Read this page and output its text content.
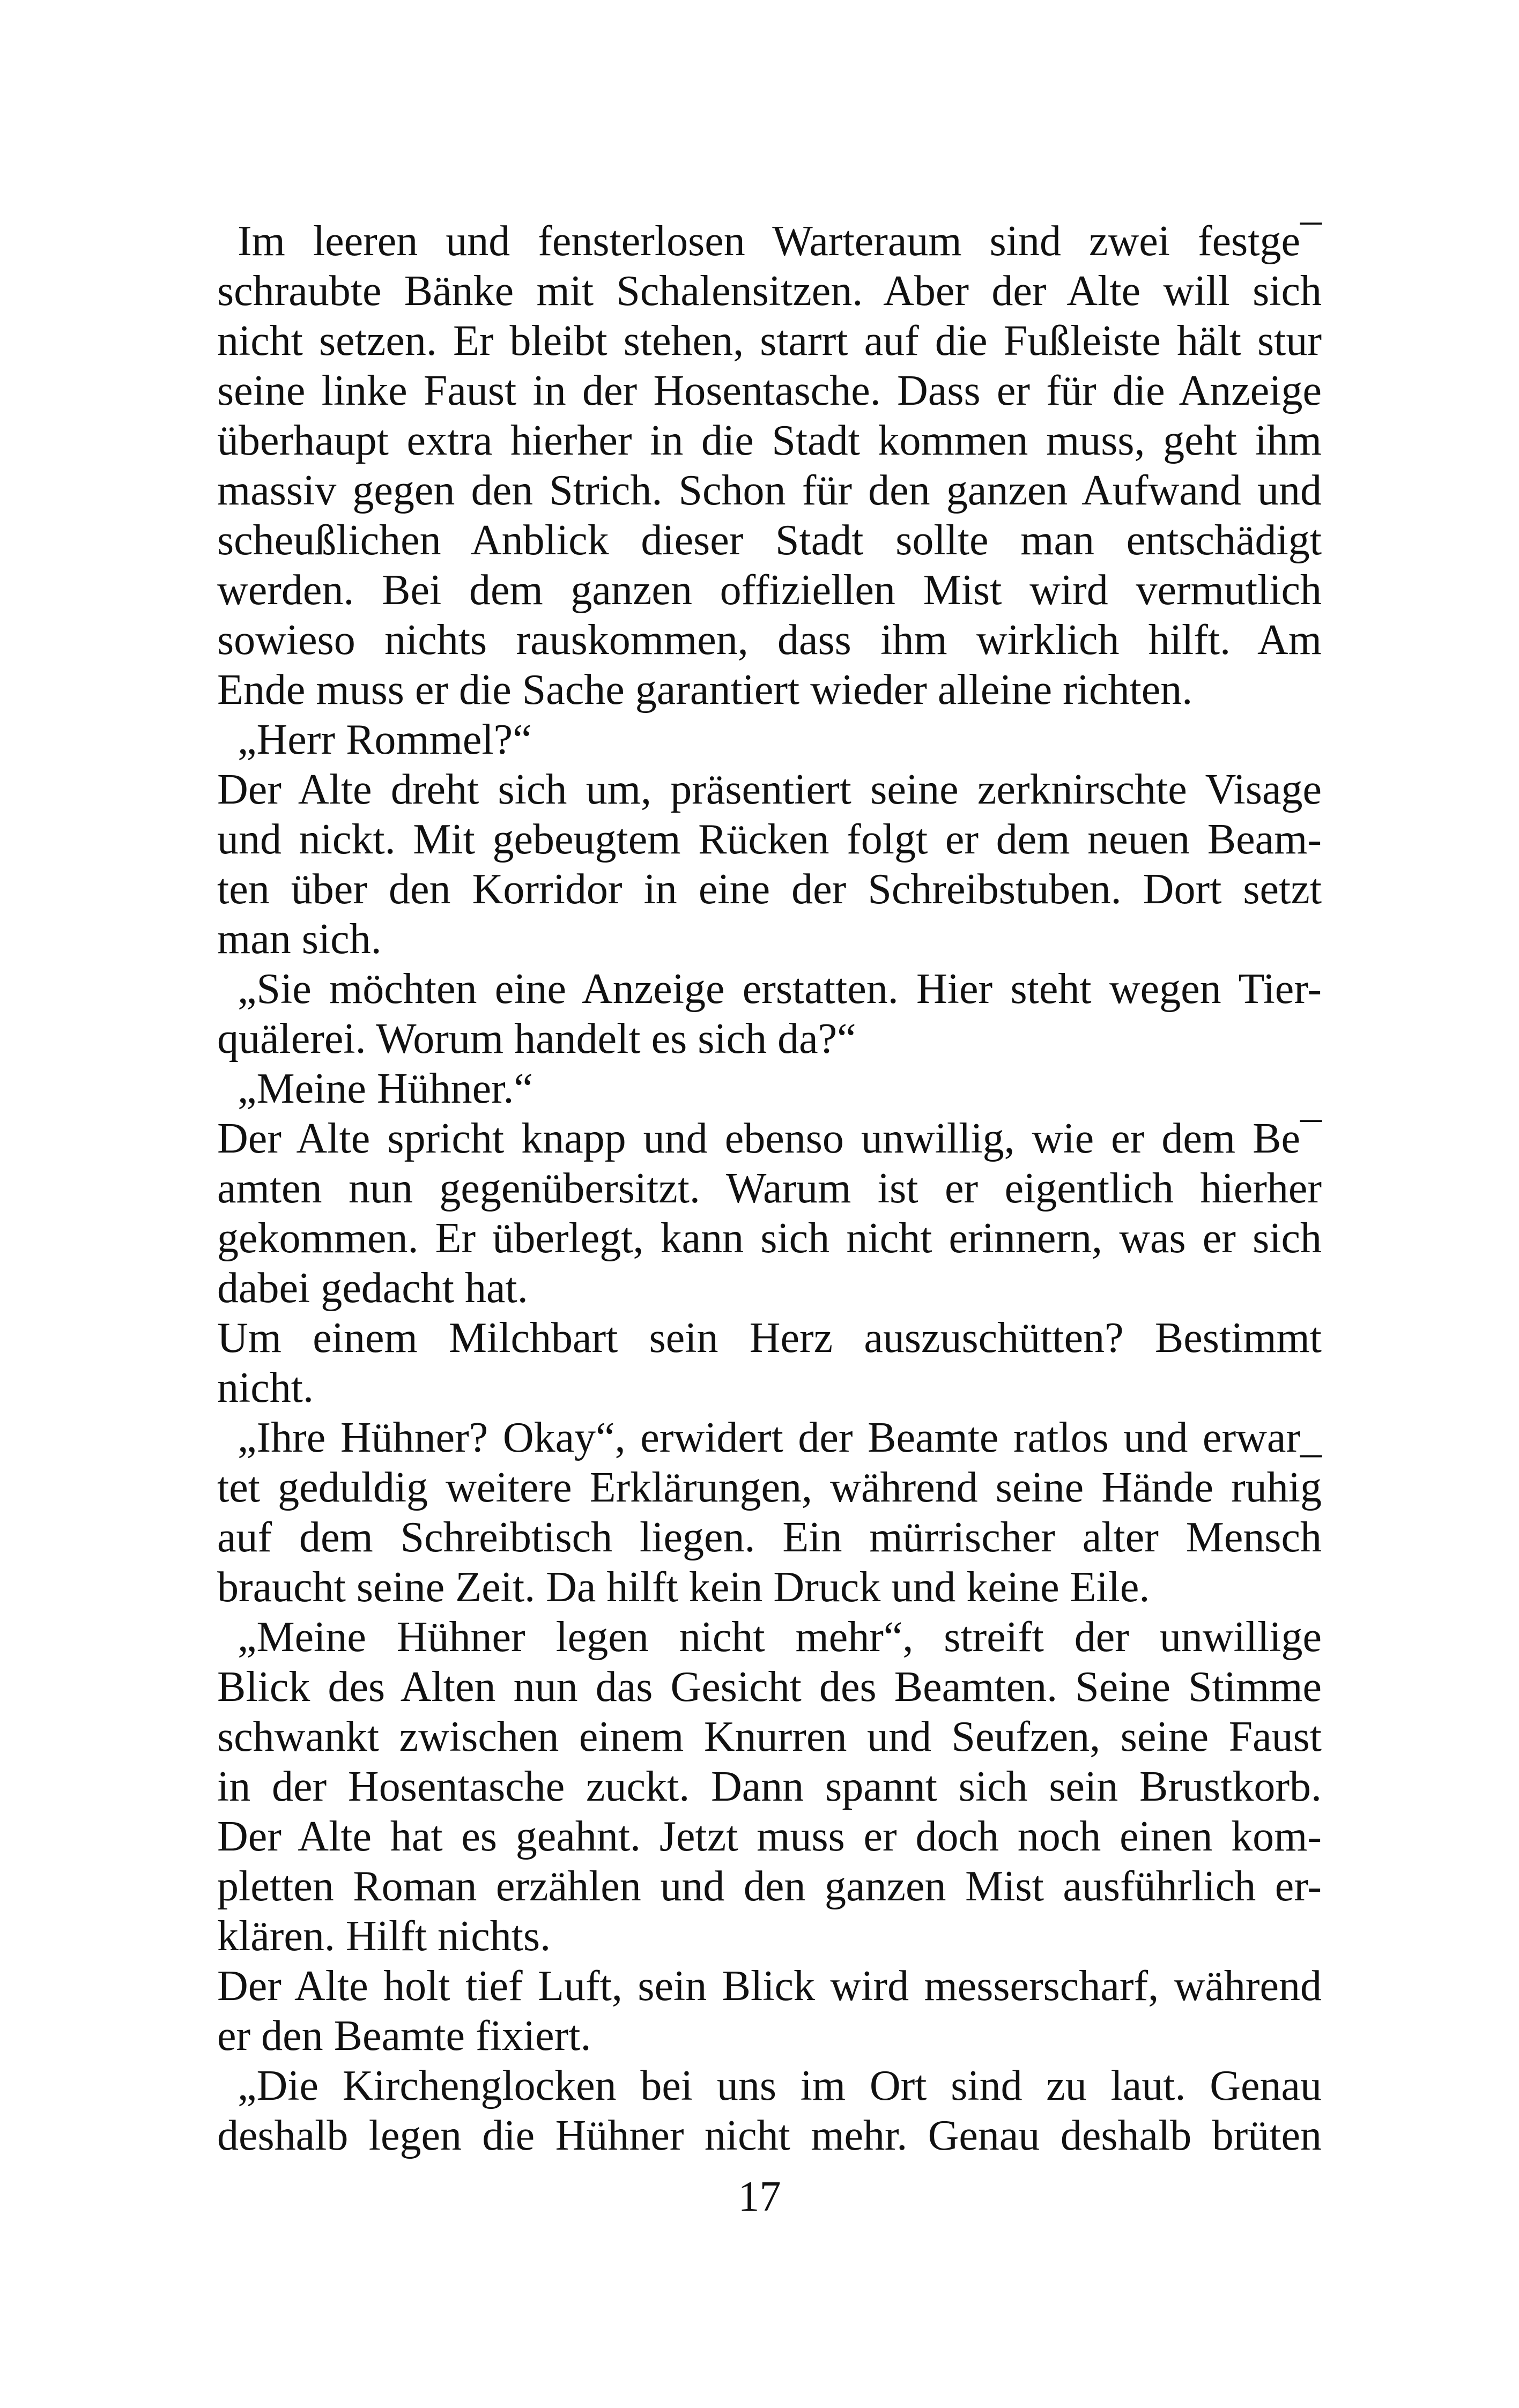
Im leeren und fensterlosen Warteraum sind zwei festge¯
schraubte Bänke mit Schalensitzen. Aber der Alte will sich
nicht setzen. Er bleibt stehen, starrt auf die Fußleiste hält stur
seine linke Faust in der Hosentasche. Dass er für die Anzeige
überhaupt extra hierher in die Stadt kommen muss, geht ihm
massiv gegen den Strich. Schon für den ganzen Aufwand und
scheußlichen Anblick dieser Stadt sollte man entschädigt
werden. Bei dem ganzen offiziellen Mist wird vermutlich
sowieso nichts rauskommen, dass ihm wirklich hilft. Am
Ende muss er die Sache garantiert wieder alleine richten.
„Herr Rommel?“
Der Alte dreht sich um, präsentiert seine zerknirschte Visage
und nickt. Mit gebeugtem Rücken folgt er dem neuen Beam-
ten über den Korridor in eine der Schreibstuben. Dort setzt
man sich.
„Sie möchten eine Anzeige erstatten. Hier steht wegen Tier-
quälerei. Worum handelt es sich da?“
„Meine Hühner.“
Der Alte spricht knapp und ebenso unwillig, wie er dem Be¯
amten nun gegenübersitzt. Warum ist er eigentlich hierher
gekommen. Er überlegt, kann sich nicht erinnern, was er sich
dabei gedacht hat.
Um einem Milchbart sein Herz auszuschütten? Bestimmt
nicht.
„Ihre Hühner? Okay“, erwidert der Beamte ratlos und erwar_
tet geduldig weitere Erklärungen, während seine Hände ruhig
auf dem Schreibtisch liegen. Ein mürrischer alter Mensch
braucht seine Zeit. Da hilft kein Druck und keine Eile.
„Meine Hühner legen nicht mehr“, streift der unwillige
Blick des Alten nun das Gesicht des Beamten. Seine Stimme
schwankt zwischen einem Knurren und Seufzen, seine Faust
in der Hosentasche zuckt. Dann spannt sich sein Brustkorb.
Der Alte hat es geahnt. Jetzt muss er doch noch einen kom-
pletten Roman erzählen und den ganzen Mist ausführlich er-
klären. Hilft nichts.
Der Alte holt tief Luft, sein Blick wird messerscharf, während
er den Beamte fixiert.
„Die Kirchenglocken bei uns im Ort sind zu laut. Genau
deshalb legen die Hühner nicht mehr. Genau deshalb brüten
17
